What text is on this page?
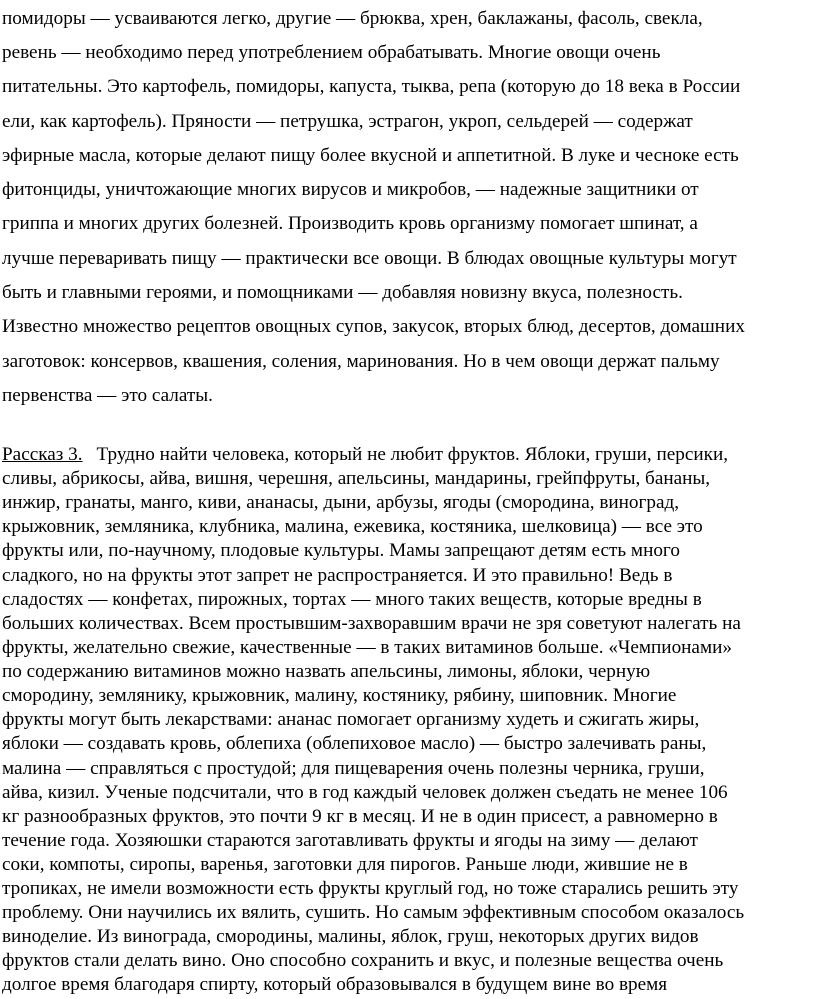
помидоры — усваиваются легко, другие — брюква, хрен, баклажаны, фасоль, свекла,
ревень — необходимо перед употреблением обрабатывать. Многие овощи очень
питательны. Это картофель, помидоры, капуста, тыква, репа (которую до 18 века в России
ели, как картофель). Пряности — петрушка, эстрагон, укроп, сельдерей — содержат
эфирные масла, которые делают пищу более вкусной и аппетитной. В луке и чесноке есть
фитонциды, уничтожающие многих вирусов и микробов, — надежные защитники от
гриппа и многих других болезней. Производить кровь организму помогает шпинат, а
лучше переваривать пищу — практически все овощи. В блюдах овощные культуры могут
быть и главными героями, и помощниками — добавляя новизну вкуса, полезность.
Известно множество рецептов овощных супов, закусок, вторых блюд, десертов, домашних
заготовок: консервов, квашения, соления, маринования. Но в чем овощи держат пальму
первенства — это салаты.
Рассказ 3. Трудно найти человека, который не любит фруктов. Яблоки, груши, персики,
сливы, абрикосы, айва, вишня, черешня, апельсины, мандарины, грейпфруты, бананы,
инжир, гранаты, манго, киви, ананасы, дыни, арбузы, ягоды (смородина, виноград,
крыжовник, земляника, клубника, малина, ежевика, костяника, шелковица) — все это
фрукты или, по-научному, плодовые культуры. Мамы запрещают детям есть много
сладкого, но на фрукты этот запрет не распространяется. И это правильно! Ведь в
сладостях — конфетах, пирожных, тортах — много таких веществ, которые вредны в
больших количествах. Всем простывшим-захворавшим врачи не зря советуют налегать на
фрукты, желательно свежие, качественные — в таких витаминов больше. «Чемпионами»
по содержанию витаминов можно назвать апельсины, лимоны, яблоки, черную
смородину, землянику, крыжовник, малину, костянику, рябину, шиповник. Многие
фрукты могут быть лекарствами: ананас помогает организму худеть и сжигать жиры,
яблоки — создавать кровь, облепиха (облепиховое масло) — быстро залечивать раны,
малина — справляться с простудой; для пищеварения очень полезны черника, груши,
айва, кизил. Ученые подсчитали, что в год каждый человек должен съедать не менее 106
кг разнообразных фруктов, это почти 9 кг в месяц. И не в один присест, а равномерно в
течение года. Хозяюшки стараются заготавливать фрукты и ягоды на зиму — делают
соки, компоты, сиропы, варенья, заготовки для пирогов. Раньше люди, жившие не в
тропиках, не имели возможности есть фрукты круглый год, но тоже старались решить эту
проблему. Они научились их вялить, сушить. Но самым эффективным способом оказалось
виноделие. Из винограда, смородины, малины, яблок, груш, некоторых других видов
фруктов стали делать вино. Оно способно сохранить и вкус, и полезные вещества очень
долгое время благодаря спирту, который образовывался в будущем вине во время
